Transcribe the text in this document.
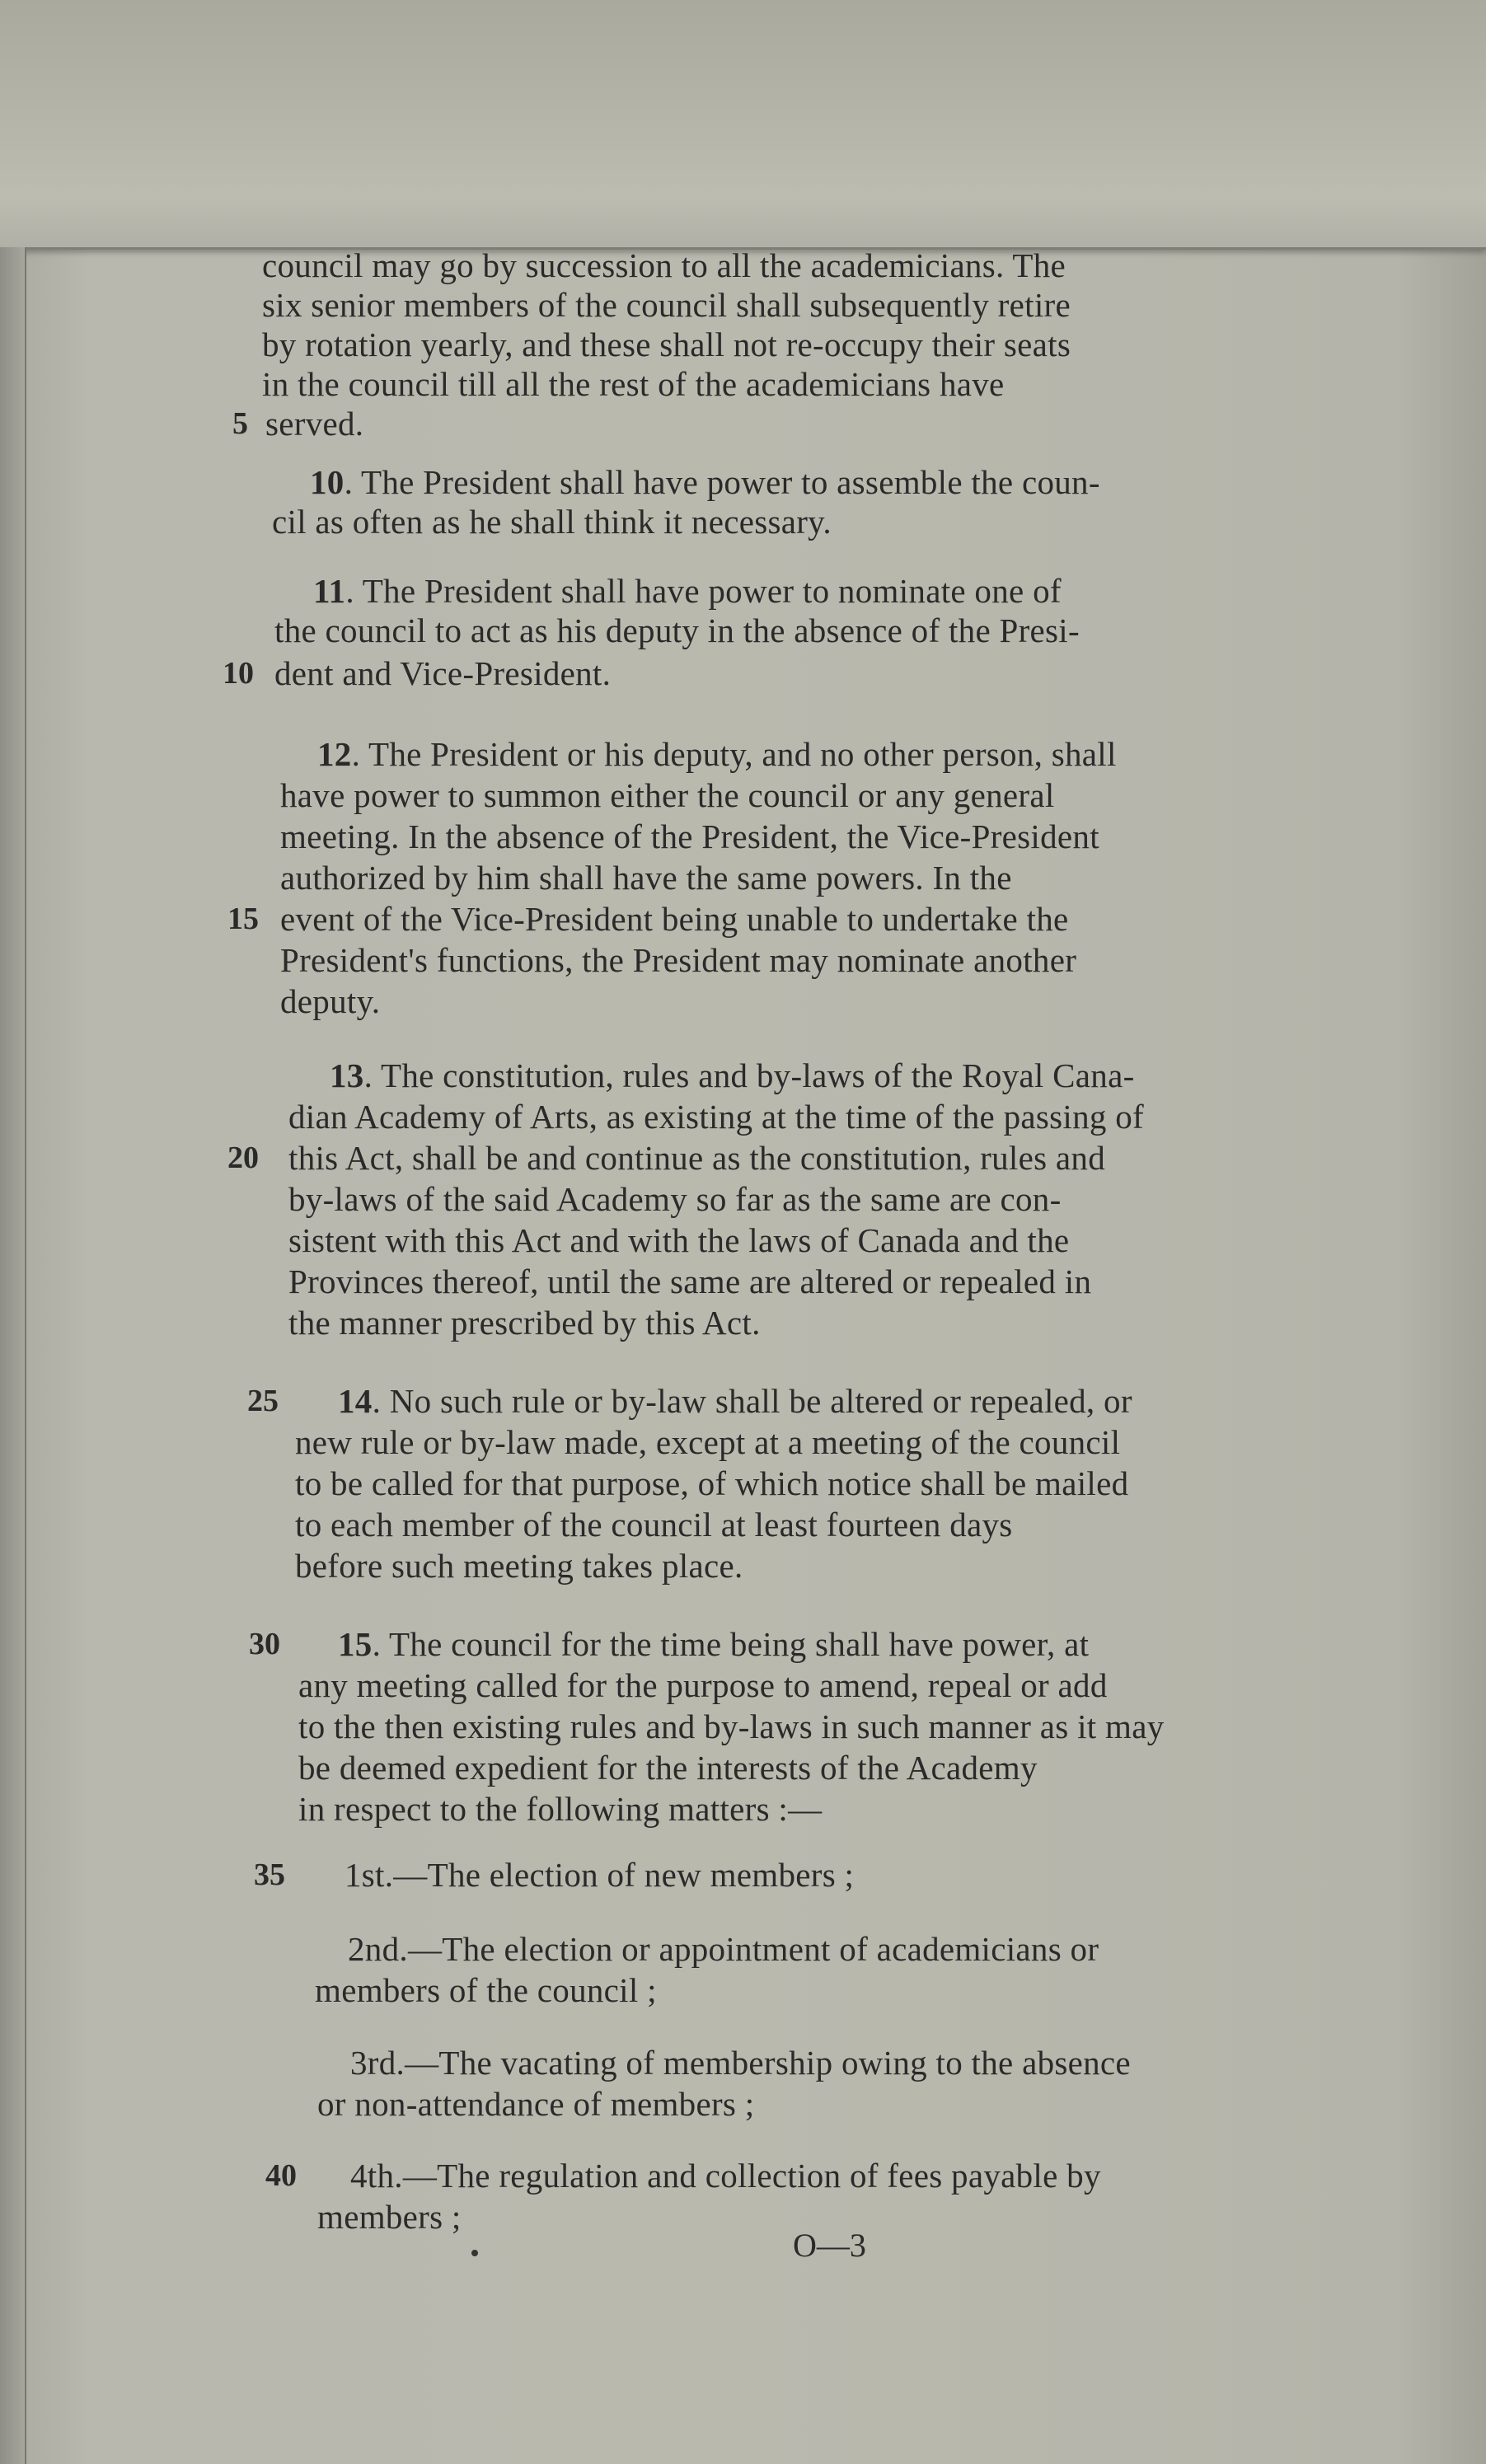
council may go by succession to all the academicians. The
six senior members of the council shall subsequently retire
by rotation yearly, and these shall not re-occupy their seats
in the council till all the rest of the academicians have
served.
10. The President shall have power to assemble the coun-
cil as often as he shall think it necessary.
11. The President shall have power to nominate one of
the council to act as his deputy in the absence of the Presi-
dent and Vice-President.
12. The President or his deputy, and no other person, shall
have power to summon either the council or any general
meeting. In the absence of the President, the Vice-President
authorized by him shall have the same powers. In the
event of the Vice-President being unable to undertake the
President's functions, the President may nominate another
deputy.
13. The constitution, rules and by-laws of the Royal Cana-
dian Academy of Arts, as existing at the time of the passing of
this Act, shall be and continue as the constitution, rules and
by-laws of the said Academy so far as the same are con-
sistent with this Act and with the laws of Canada and the
Provinces thereof, until the same are altered or repealed in
the manner prescribed by this Act.
14. No such rule or by-law shall be altered or repealed, or
new rule or by-law made, except at a meeting of the council
to be called for that purpose, of which notice shall be mailed
to each member of the council at least fourteen days
before such meeting takes place.
15. The council for the time being shall have power, at
any meeting called for the purpose to amend, repeal or add
to the then existing rules and by-laws in such manner as it may
be deemed expedient for the interests of the Academy
in respect to the following matters :—
1st.—The election of new members ;
2nd.—The election or appointment of academicians or
members of the council ;
3rd.—The vacating of membership owing to the absence
or non-attendance of members ;
4th.—The regulation and collection of fees payable by
members ;
5
10
15
20
25
30
35
40
O—3
